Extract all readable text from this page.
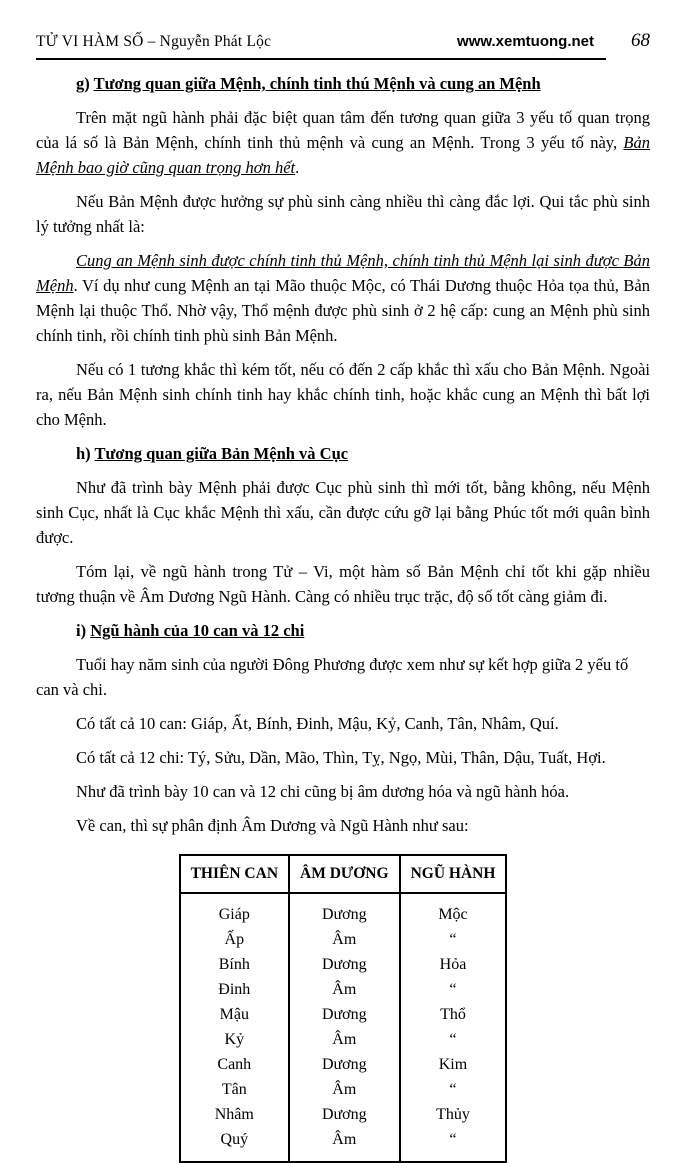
TỬ VI HÀM SỐ – Nguyễn Phát Lộc	www.xemtuong.net	68
g) Tương quan giữa Mệnh, chính tinh thú Mệnh và cung an Mệnh

Trên mặt ngũ hành phải đặc biệt quan tâm đến tương quan giữa 3 yếu tố quan trọng của lá số là Bản Mệnh, chính tinh thủ mệnh và cung an Mệnh. Trong 3 yếu tố này, Bản Mệnh bao giờ cũng quan trọng hơn hết.

Nếu Bản Mệnh được hưởng sự phù sinh càng nhiều thì càng đắc lợi. Qui tắc phù sinh lý tưởng nhất là:

Cung an Mệnh sinh được chính tinh thủ Mệnh, chính tinh thủ Mệnh lại sinh được Bản Mệnh. Ví dụ như cung Mệnh an tại Mão thuộc Mộc, có Thái Dương thuộc Hỏa tọa thủ, Bản Mệnh lại thuộc Thổ. Nhờ vậy, Thổ mệnh được phù sinh ở 2 hệ cấp: cung an Mệnh phù sinh chính tinh, rồi chính tinh phù sinh Bản Mệnh.

Nếu có 1 tương khắc thì kém tốt, nếu có đến 2 cấp khắc thì xấu cho Bản Mệnh. Ngoài ra, nếu Bản Mệnh sinh chính tinh hay khắc chính tinh, hoặc khắc cung an Mệnh thì bất lợi cho Mệnh.

h) Tương quan giữa Bản Mệnh và Cục

Như đã trình bày Mệnh phải được Cục phù sinh thì mới tốt, bằng không, nếu Mệnh sinh Cục, nhất là Cục khắc Mệnh thì xấu, cần được cứu gỡ lại bằng Phúc tốt mới quân bình được.

Tóm lại, về ngũ hành trong Tử – Vi, một hàm số Bản Mệnh chỉ tốt khi gặp nhiều tương thuận về Âm Dương Ngũ Hành. Càng có nhiều trục trặc, độ số tốt càng giảm đi.

i) Ngũ hành của 10 can và 12 chi

Tuổi hay năm sinh của người Đông Phương được xem như sự kết hợp giữa 2 yếu tố can và chi.

Có tất cả 10 can: Giáp, Ất, Bính, Đinh, Mậu, Kỷ, Canh, Tân, Nhâm, Quí.

Có tất cả 12 chi: Tý, Sửu, Dần, Mão, Thìn, Tỵ, Ngọ, Mùi, Thân, Dậu, Tuất, Hợi.

Như đã trình bày 10 can và 12 chi cũng bị âm dương hóa và ngũ hành hóa.

Về can, thì sự phân định Âm Dương và Ngũ Hành như sau:

THIÊN CAN	ÂM DƯƠNG	NGŨ HÀNH
Giáp	Dương	Mộc
Ấp	Âm	“
Bính	Dương	Hỏa
Đinh	Âm	“
Mậu	Dương	Thổ
Kỷ	Âm	“
Canh	Dương	Kim
Tân	Âm	“
Nhâm	Dương	Thủy
Quý	Âm	“
